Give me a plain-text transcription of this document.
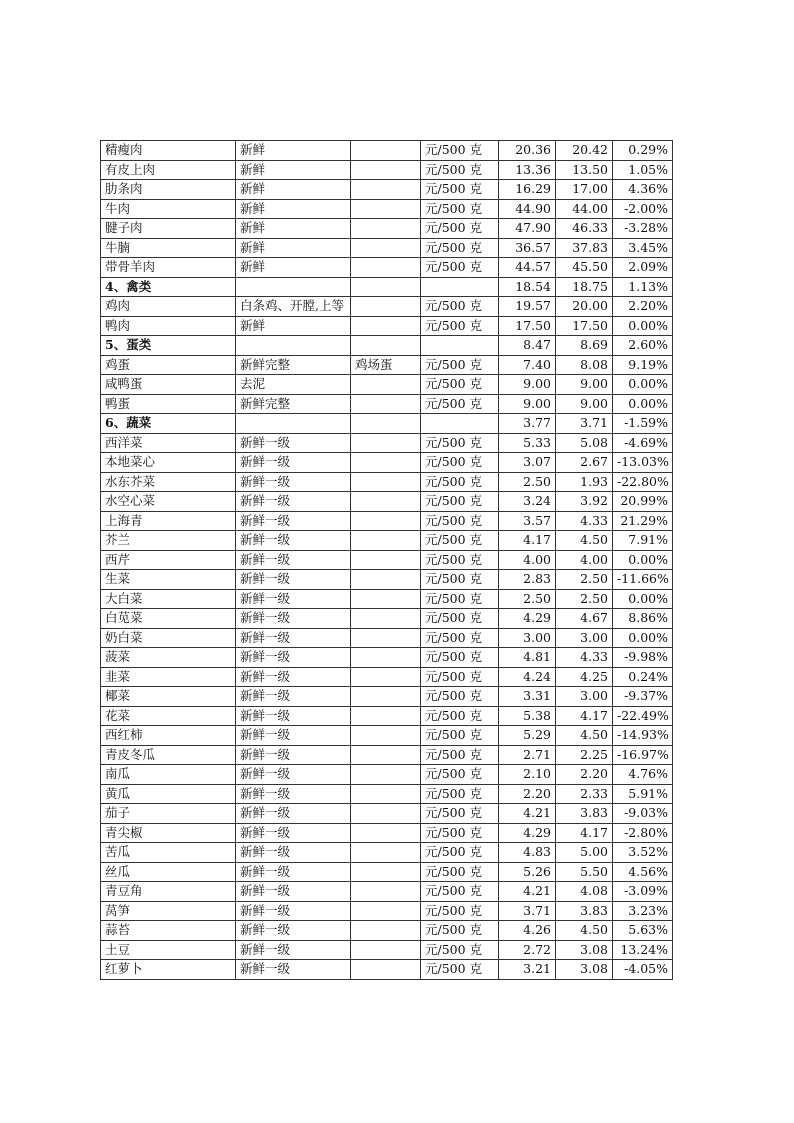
精瘦肉	新鲜		元/500 克	20.36	20.42	0.29%
有皮上肉	新鲜		元/500 克	13.36	13.50	1.05%
肋条肉	新鲜		元/500 克	16.29	17.00	4.36%
牛肉	新鲜		元/500 克	44.90	44.00	-2.00%
腱子肉	新鲜		元/500 克	47.90	46.33	-3.28%
牛腩	新鲜		元/500 克	36.57	37.83	3.45%
带骨羊肉	新鲜		元/500 克	44.57	45.50	2.09%
4、禽类				18.54	18.75	1.13%
鸡肉	白条鸡、开膛,上等		元/500 克	19.57	20.00	2.20%
鸭肉	新鲜		元/500 克	17.50	17.50	0.00%
5、蛋类				8.47	8.69	2.60%
鸡蛋	新鲜完整	鸡场蛋	元/500 克	7.40	8.08	9.19%
咸鸭蛋	去泥		元/500 克	9.00	9.00	0.00%
鸭蛋	新鲜完整		元/500 克	9.00	9.00	0.00%
6、蔬菜				3.77	3.71	-1.59%
西洋菜	新鲜一级		元/500 克	5.33	5.08	-4.69%
本地菜心	新鲜一级		元/500 克	3.07	2.67	-13.03%
水东芥菜	新鲜一级		元/500 克	2.50	1.93	-22.80%
水空心菜	新鲜一级		元/500 克	3.24	3.92	20.99%
上海青	新鲜一级		元/500 克	3.57	4.33	21.29%
芥兰	新鲜一级		元/500 克	4.17	4.50	7.91%
西芹	新鲜一级		元/500 克	4.00	4.00	0.00%
生菜	新鲜一级		元/500 克	2.83	2.50	-11.66%
大白菜	新鲜一级		元/500 克	2.50	2.50	0.00%
白苋菜	新鲜一级		元/500 克	4.29	4.67	8.86%
奶白菜	新鲜一级		元/500 克	3.00	3.00	0.00%
菠菜	新鲜一级		元/500 克	4.81	4.33	-9.98%
韭菜	新鲜一级		元/500 克	4.24	4.25	0.24%
椰菜	新鲜一级		元/500 克	3.31	3.00	-9.37%
花菜	新鲜一级		元/500 克	5.38	4.17	-22.49%
西红柿	新鲜一级		元/500 克	5.29	4.50	-14.93%
青皮冬瓜	新鲜一级		元/500 克	2.71	2.25	-16.97%
南瓜	新鲜一级		元/500 克	2.10	2.20	4.76%
黄瓜	新鲜一级		元/500 克	2.20	2.33	5.91%
茄子	新鲜一级		元/500 克	4.21	3.83	-9.03%
青尖椒	新鲜一级		元/500 克	4.29	4.17	-2.80%
苦瓜	新鲜一级		元/500 克	4.83	5.00	3.52%
丝瓜	新鲜一级		元/500 克	5.26	5.50	4.56%
青豆角	新鲜一级		元/500 克	4.21	4.08	-3.09%
莴笋	新鲜一级		元/500 克	3.71	3.83	3.23%
蒜苔	新鲜一级		元/500 克	4.26	4.50	5.63%
土豆	新鲜一级		元/500 克	2.72	3.08	13.24%
红萝卜	新鲜一级		元/500 克	3.21	3.08	-4.05%
